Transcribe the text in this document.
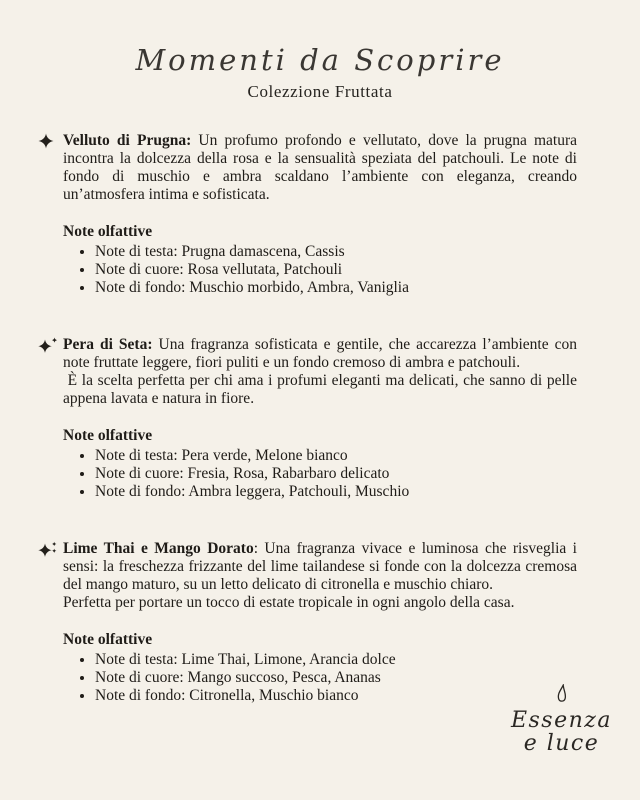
Momenti da Scoprire
Colezzione Fruttata

Velluto di Prugna: Un profumo profondo e vellutato, dove la prugna matura incontra la dolcezza della rosa e la sensualità speziata del patchouli. Le note di fondo di muschio e ambra scaldano l’ambiente con eleganza, creando un’atmosfera intima e sofisticata.

Note olfattive

• Note di testa: Prugna damascena, Cassis
• Note di cuore: Rosa vellutata, Patchouli
• Note di fondo: Muschio morbido, Ambra, Vaniglia

Pera di Seta: Una fragranza sofisticata e gentile, che accarezza l’ambiente con note fruttate leggere, fiori puliti e un fondo cremoso di ambra e patchouli.

È la scelta perfetta per chi ama i profumi eleganti ma delicati, che sanno di pelle appena lavata e natura in fiore.

Note olfattive

• Note di testa: Pera verde, Melone bianco
• Note di cuore: Fresia, Rosa, Rabarbaro delicato
• Note di fondo: Ambra leggera, Patchouli, Muschio

Lime Thai e Mango Dorato: Una fragranza vivace e luminosa che risveglia i sensi: la freschezza frizzante del lime tailandese si fonde con la dolcezza cremosa del mango maturo, su un letto delicato di citronella e muschio chiaro.

Perfetta per portare un tocco di estate tropicale in ogni angolo della casa.

Note olfattive

• Note di testa: Lime Thai, Limone, Arancia dolce
• Note di cuore: Mango succoso, Pesca, Ananas
• Note di fondo: Citronella, Muschio bianco
Essenza
e luce
